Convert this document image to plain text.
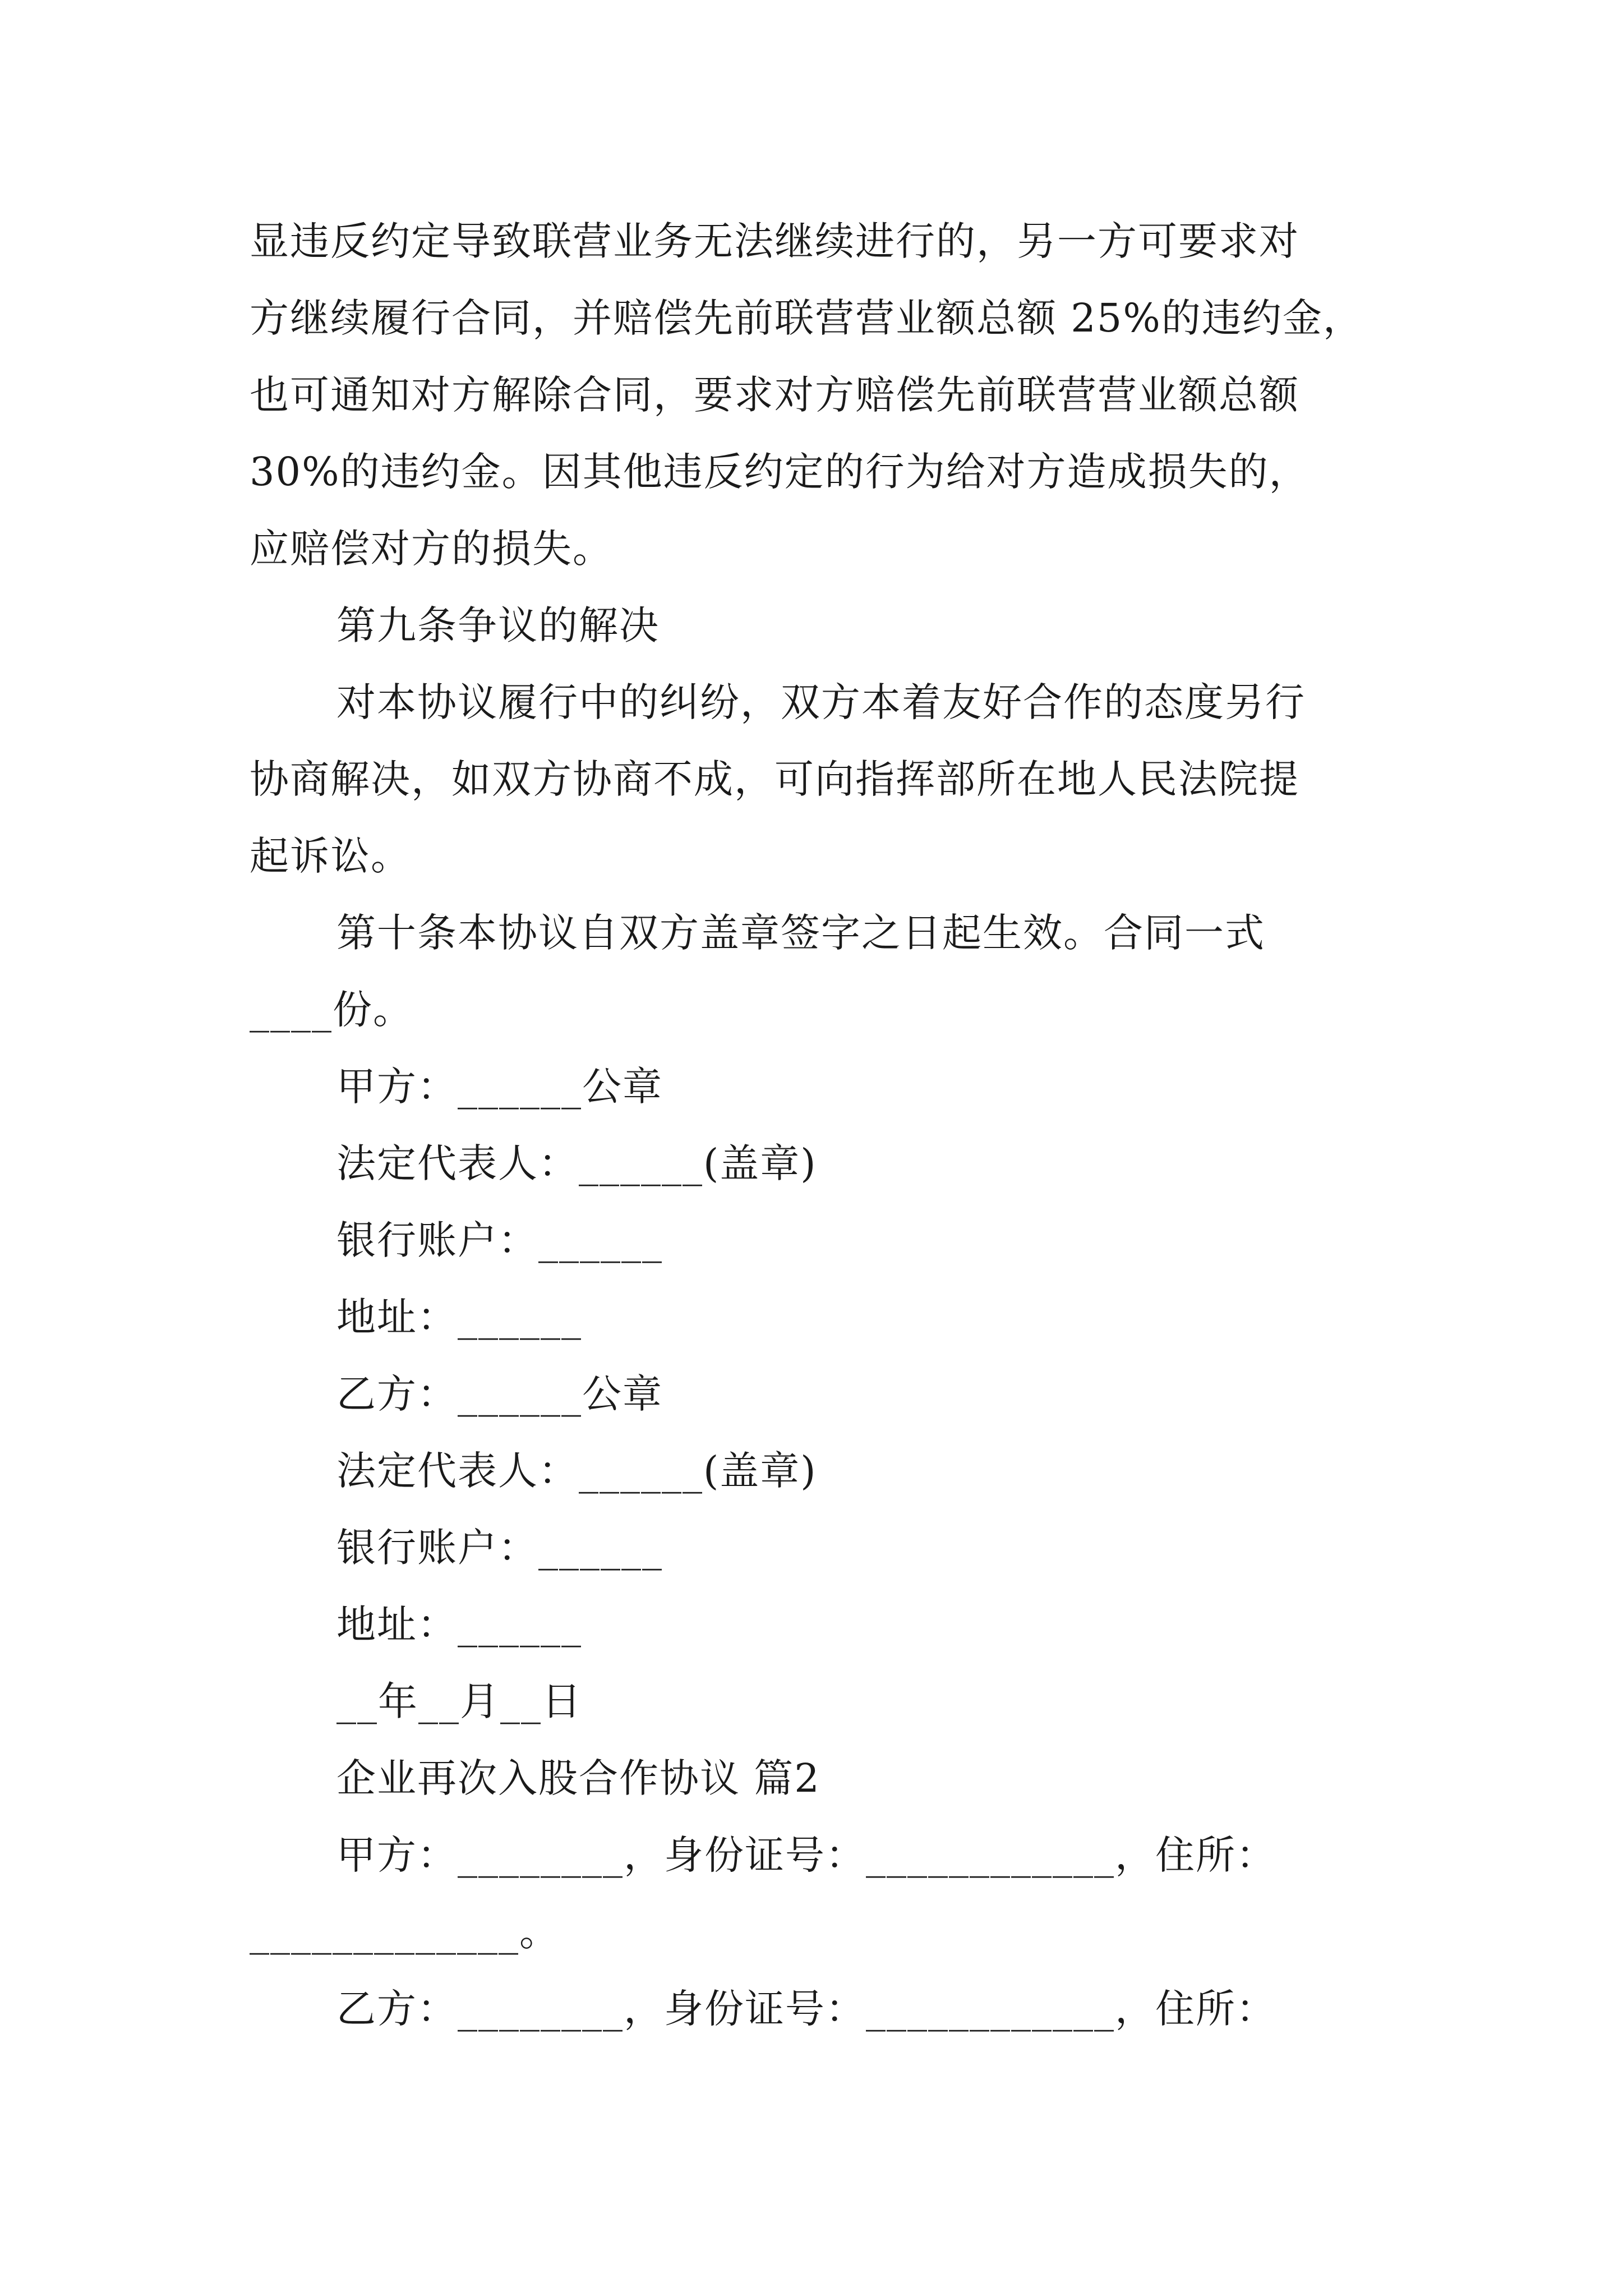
显违反约定导致联营业务无法继续进行的，另一方可要求对
方继续履行合同，并赔偿先前联营营业额总额 25%的违约金，
也可通知对方解除合同，要求对方赔偿先前联营营业额总额
30%的违约金。因其他违反约定的行为给对方造成损失的，
应赔偿对方的损失。
第九条争议的解决
对本协议履行中的纠纷，双方本着友好合作的态度另行
协商解决，如双方协商不成，可向指挥部所在地人民法院提
起诉讼。
第十条本协议自双方盖章签字之日起生效。合同一式
____份。
甲方：______公章
法定代表人：______(盖章)
银行账户：______
地址：______
乙方：______公章
法定代表人：______(盖章)
银行账户：______
地址：______
__年__月__日
企业再次入股合作协议 篇2
甲方：________，身份证号：____________，住所：
_____________。
乙方：________，身份证号：____________，住所：
